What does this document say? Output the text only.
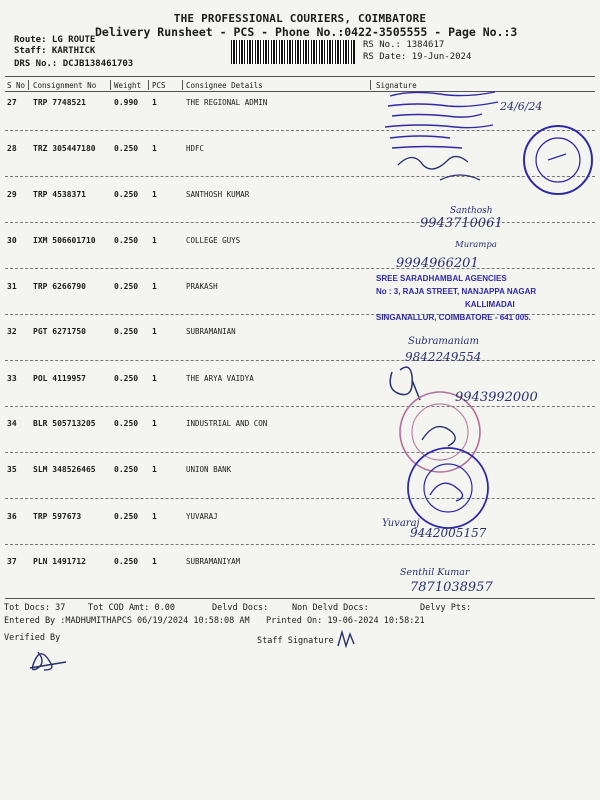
THE PROFESSIONAL COURIERS, COIMBATORE
Delivery Runsheet - PCS - Phone No.:0422-3505555 - Page No.:3
Route: LG ROUTE
Staff: KARTHICK
DRS No.: DCJB138461703
RS No.: 1384617
RS Date: 19-Jun-2024
S No Consignment No Weight PCS	Consignee Details	Signature
27 TRP 7748521	0.990 1	THE REGIONAL ADMIN
28 TRZ 305447180 0.250 1	HDFC
29 TRP 4538371	0.250 1	SANTHOSH KUMAR
30 IXM 506601710 0.250 1	COLLEGE GUYS
31 TRP 6266790	0.250 1	PRAKASH
32 PGT 6271750	0.250 1	SUBRAMANIAN
33 POL 4119957	0.250 1	THE ARYA VAIDYA
34 BLR 505713205 0.250 1	INDUSTRIAL AND CON
35 SLM 348526465 0.250 1	UNION BANK
36 TRP 597673	0.250 1	YUVARAJ
37 PLN 1491712	0.250 1	SUBRAMANIYAM
24/6/24
Santhosh
9943710061
Murampa
9994966201
SREE SARADHAMBAL AGENCIES
No : 3, RAJA STREET, NANJAPPA NAGAR
KALLIMADAI
SINGANALLUR, COIMBATORE - 641 005.
Subramaniam
9842249554
9943992000
Yuvaraj
9442005157
Senthil Kumar
7871038957
Tot Docs: 37	Tot COD Amt: 0.00	Delvd Docs:	Non Delvd Docs:	Delvy Pts:
Entered By :MADHUMITHAPCS 06/19/2024 10:58:08 AM Printed On: 19-06-2024 10:58:21
Verified By	Staff Signature
